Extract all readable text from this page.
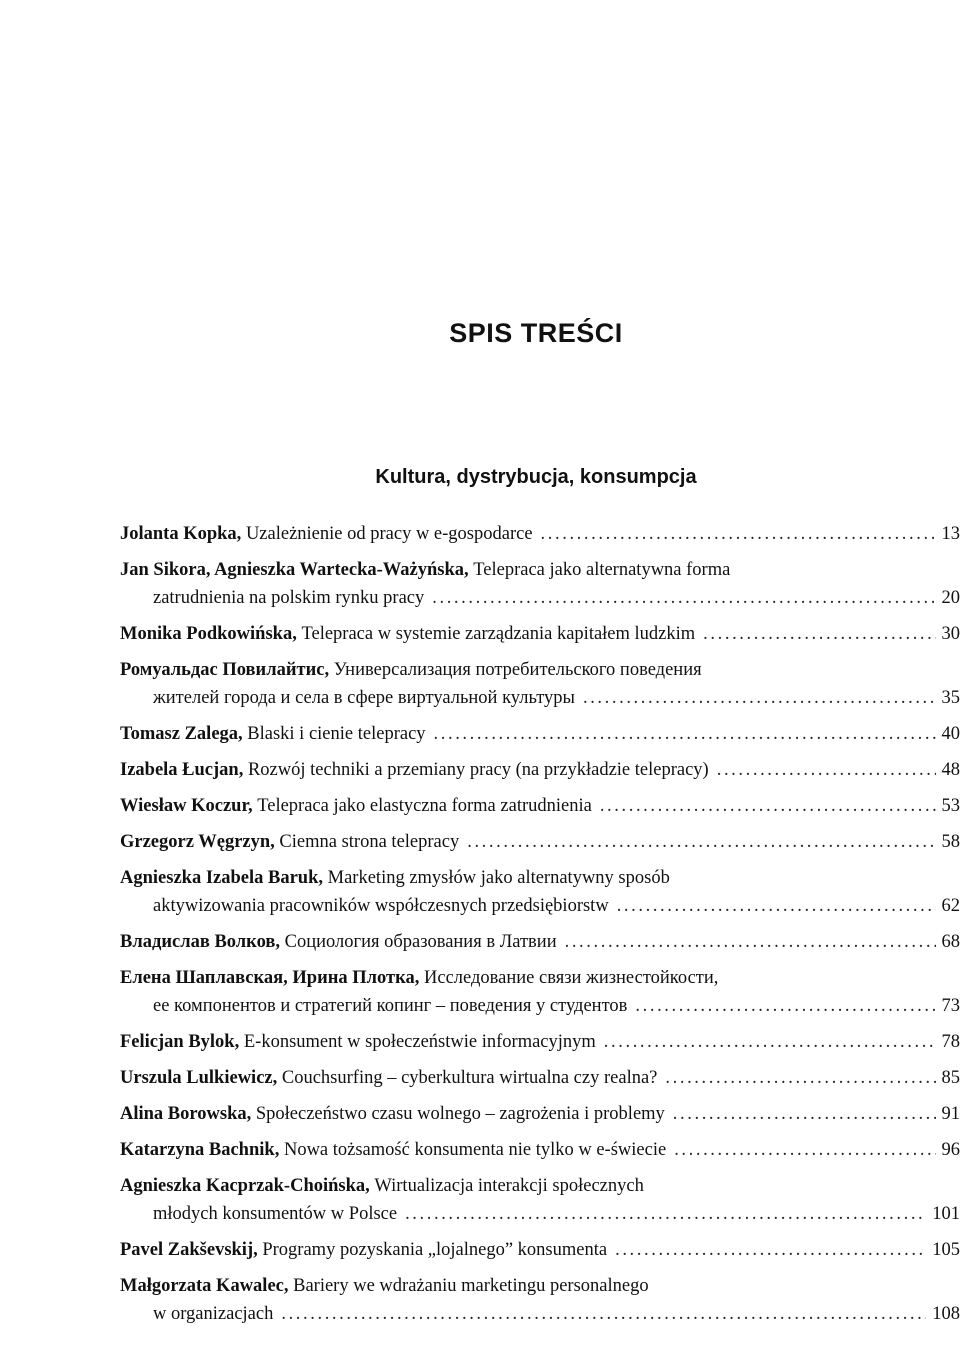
SPIS TREŚCI
Kultura, dystrybucja, konsumpcja
Jolanta Kopka,
Uzależnienie od pracy w e-gospodarce .....	13
Jan Sikora, Agnieszka Wartecka-Ważyńska,
Telepraca jako alternatywna forma
zatrudnienia na polskim rynku pracy .....	20
Monika Podkowińska,
Telepraca w systemie zarządzania kapitałem ludzkim .....	30
Ромуальдас Повилайтис,
Универсализация потребительского поведения
жителей города и села в сфере виртуальной культуры .....	35
Tomasz Zalega,
Blaski i cienie telepracy .....	40
Izabela Łucjan,
Rozwój techniki a przemiany pracy (na przykładzie telepracy) .....	48
Wiesław Koczur,
Telepraca jako elastyczna forma zatrudnienia .....	53
Grzegorz Węgrzyn,
Ciemna strona telepracy .....	58
Agnieszka Izabela Baruk,
Marketing zmysłów jako alternatywny sposób
aktywizowania pracowników współczesnych przedsiębiorstw .....	62
Владислав Волков,
Социология образования в Латвии .....	68
Елена Шаплавская, Ирина Плотка,
Исследование связи жизнестойкости,
ее компонентов и стратегий копинг – поведения у студентов .....	73
Felicjan Bylok,
E-konsument w społeczeństwie informacyjnym .....	78
Urszula Lulkiewicz,
Couchsurfing – cyberkultura wirtualna czy realna? .....	85
Alina Borowska,
Społeczeństwo czasu wolnego – zagrożenia i problemy .....	91
Katarzyna Bachnik,
Nowa tożsamość konsumenta nie tylko w e-świecie .....	96
Agnieszka Kacprzak-Choińska,
Wirtualizacja interakcji społecznych
młodych konsumentów w Polsce .....	101
Pavel Zakševskij,
Programy pozyskania „lojalnego” konsumenta .....	105
Małgorzata Kawalec,
Bariery we wdrażaniu marketingu personalnego
w organizacjach .....	108
